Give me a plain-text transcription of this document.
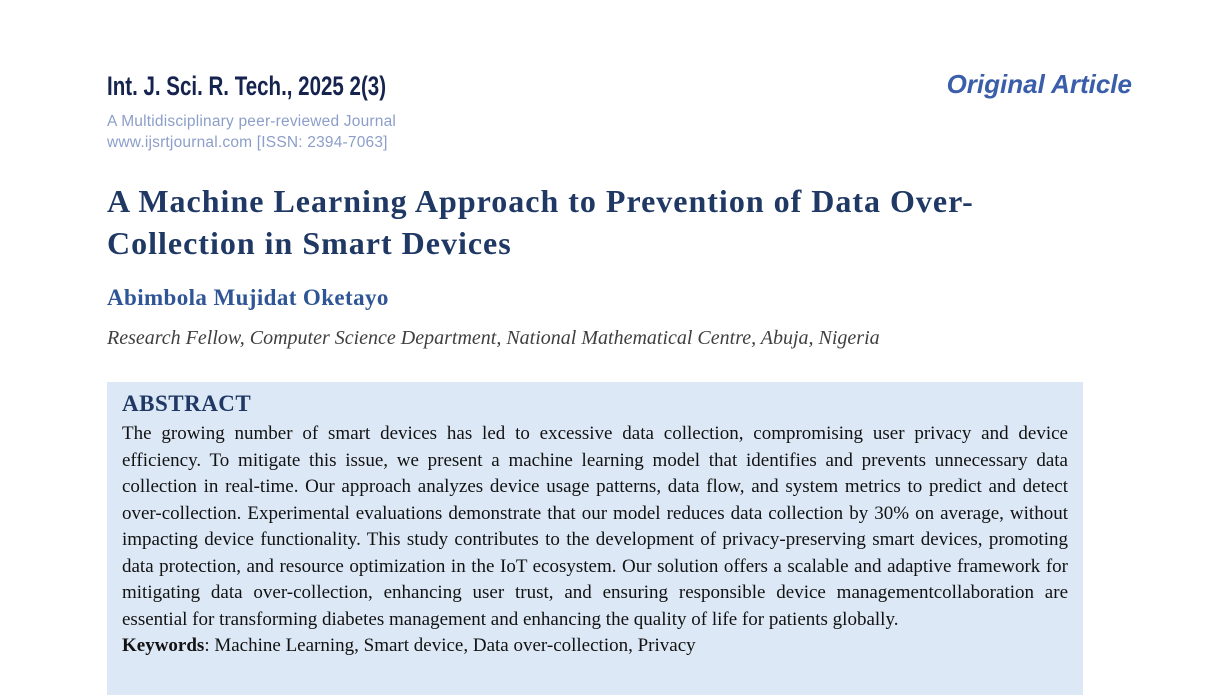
Int. J. Sci. R. Tech., 2025 2(3)
A Multidisciplinary peer-reviewed Journal
www.ijsrtjournal.com [ISSN: 2394-7063]
Original Article
A Machine Learning Approach to Prevention of Data Over-Collection in Smart Devices
Abimbola Mujidat Oketayo
Research Fellow, Computer Science Department, National Mathematical Centre, Abuja, Nigeria
ABSTRACT
The growing number of smart devices has led to excessive data collection, compromising user privacy and device efficiency. To mitigate this issue, we present a machine learning model that identifies and prevents unnecessary data collection in real-time. Our approach analyzes device usage patterns, data flow, and system metrics to predict and detect over-collection. Experimental evaluations demonstrate that our model reduces data collection by 30% on average, without impacting device functionality. This study contributes to the development of privacy-preserving smart devices, promoting data protection, and resource optimization in the IoT ecosystem. Our solution offers a scalable and adaptive framework for mitigating data over-collection, enhancing user trust, and ensuring responsible device managementcollaboration are essential for transforming diabetes management and enhancing the quality of life for patients globally.
Keywords: Machine Learning, Smart device, Data over-collection, Privacy
